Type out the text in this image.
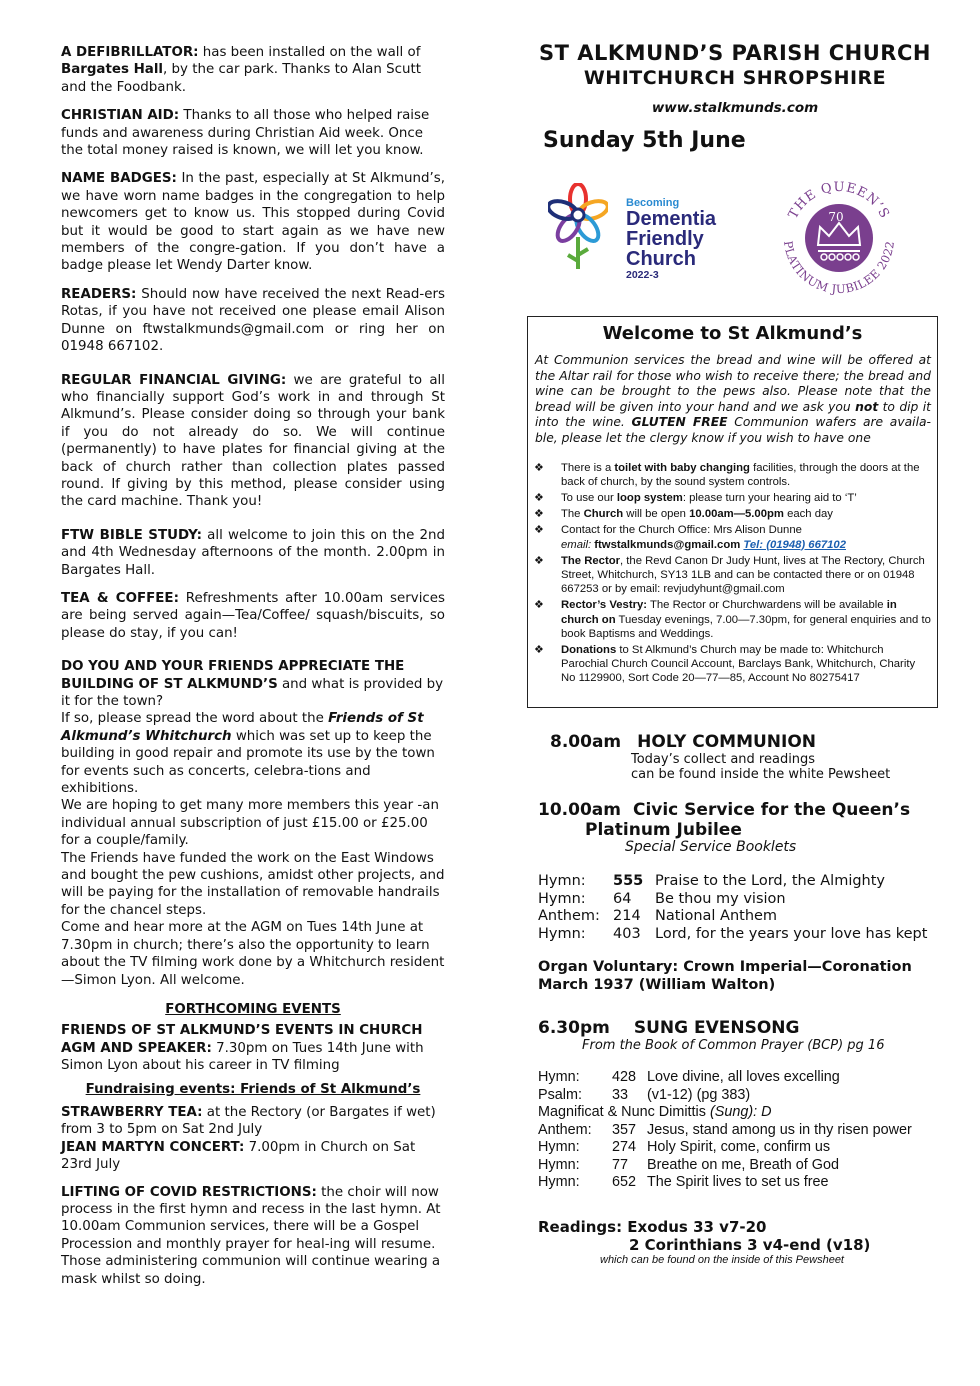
A DEFIBRILLATOR: has been installed on the wall of Bargates Hall, by the car park. Thanks to Alan Scutt and the Foodbank.

CHRISTIAN AID: Thanks to all those who helped raise funds and awareness during Christian Aid week. Once the total money raised is known, we will let you know.

NAME BADGES: In the past, especially at St Alkmund’s, we have worn name badges in the congregation to help newcomers get to know us. This stopped during Covid but it would be good to start again as we have new members of the congre-gation. If you don’t have a badge please let Wendy Darter know.

READERS: Should now have received the next Read-ers Rotas, if you have not received one please email Alison Dunne on ftwstalkmunds@gmail.com or ring her on 01948 667102.

REGULAR FINANCIAL GIVING: we are grateful to all who financially support God’s work in and through St Alkmund’s. Please consider doing so through your bank if you do not already do so. We will continue (permanently) to have plates for financial giving at the back of church rather than collection plates passed round. If giving by this method, please consider using the card machine. Thank you!

FTW BIBLE STUDY: all welcome to join this on the 2nd and 4th Wednesday afternoons of the month. 2.00pm in Bargates Hall.

TEA & COFFEE: Refreshments after 10.00am services are being served again—Tea/Coffee/ squash/biscuits, so please do stay, if you can!

DO YOU AND YOUR FRIENDS APPRECIATE THE BUILDING OF ST ALKMUND’S and what is provided by it for the town?
If so, please spread the word about the Friends of St Alkmund’s Whitchurch which was set up to keep the building in good repair and promote its use by the town for events such as concerts, celebra-tions and exhibitions.
We are hoping to get many more members this year -an individual annual subscription of just £15.00 or £25.00 for a couple/family.
The Friends have funded the work on the East Windows and bought the pew cushions, amidst other projects, and will be paying for the installation of removable handrails for the chancel steps.
Come and hear more at the AGM on Tues 14th June at 7.30pm in church; there’s also the opportunity to learn about the TV filming work done by a Whitchurch resident—Simon Lyon. All welcome.

FORTHCOMING EVENTS

FRIENDS OF ST ALKMUND’S EVENTS IN CHURCH
AGM AND SPEAKER: 7.30pm on Tues 14th June with Simon Lyon about his career in TV filming

Fundraising events: Friends of St Alkmund’s

STRAWBERRY TEA: at the Rectory (or Bargates if wet) from 3 to 5pm on Sat 2nd July
JEAN MARTYN CONCERT: 7.00pm in Church on Sat 23rd July

LIFTING OF COVID RESTRICTIONS: the choir will now process in the first hymn and recess in the last hymn. At 10.00am Communion services, there will be a Gospel Procession and monthly prayer for heal-ing will resume. Those administering communion will continue wearing a mask whilst so doing.

ST ALKMUND’S PARISH CHURCH
WHITCHURCH SHROPSHIRE
www.stalkmunds.com
Sunday 5th June
Becoming
Dementia
Friendly
Church
2022-3
THE QUEEN’S
PLATINUM JUBILEE 2022
70
Welcome to St Alkmund’s
At Communion services the bread and wine will be offered at the Altar rail for those who wish to receive there; the bread and wine can be brought to the pews also. Please note that the bread will be given into your hand and we ask you not to dip it into the wine. GLUTEN FREE Communion wafers are availa-ble, please let the clergy know if you wish to have one
❖ There is a toilet with baby changing facilities, through the doors at the back of church, by the sound system controls.
❖ To use our loop system: please turn your hearing aid to ‘T’
❖ The Church will be open 10.00am—5.00pm each day
❖ Contact for the Church Office: Mrs Alison Dunne
email: ftwstalkmunds@gmail.com Tel: (01948) 667102
❖ The Rector, the Revd Canon Dr Judy Hunt, lives at The Rectory, Church Street, Whitchurch, SY13 1LB and can be contacted there or on 01948 667253 or by email: revjudyhunt@gmail.com
❖ Rector’s Vestry: The Rector or Churchwardens will be available in church on Tuesday evenings, 7.00—7.30pm, for general enquiries and to book Baptisms and Weddings.
❖ Donations to St Alkmund’s Church may be made to: Whitchurch Parochial Church Council Account, Barclays Bank, Whitchurch, Charity No 1129900, Sort Code 20—77—85, Account No 80275417
8.00am HOLY COMMUNION
Today’s collect and readings
can be found inside the white Pewsheet
10.00am Civic Service for the Queen’s
Platinum Jubilee
Special Service Booklets
Hymn:	555 Praise to the Lord, the Almighty
Hymn:	64	Be thou my vision
Anthem: 214 National Anthem
Hymn:	403 Lord, for the years your love has kept
Organ Voluntary: Crown Imperial—Coronation March 1937 (William Walton)
6.30pm SUNG EVENSONG
From the Book of Common Prayer (BCP) pg 16
Hymn:	428 Love divine, all loves excelling
Psalm:	33	(v1-12) (pg 383)
Magnificat & Nunc Dimittis (Sung): D
Anthem:	357 Jesus, stand among us in thy risen power
Hymn:	274 Holy Spirit, come, confirm us
Hymn:	77	Breathe on me, Breath of God
Hymn:	652 The Spirit lives to set us free
Readings: Exodus 33 v7-20
2 Corinthians 3 v4-end (v18)
which can be found on the inside of this Pewsheet
